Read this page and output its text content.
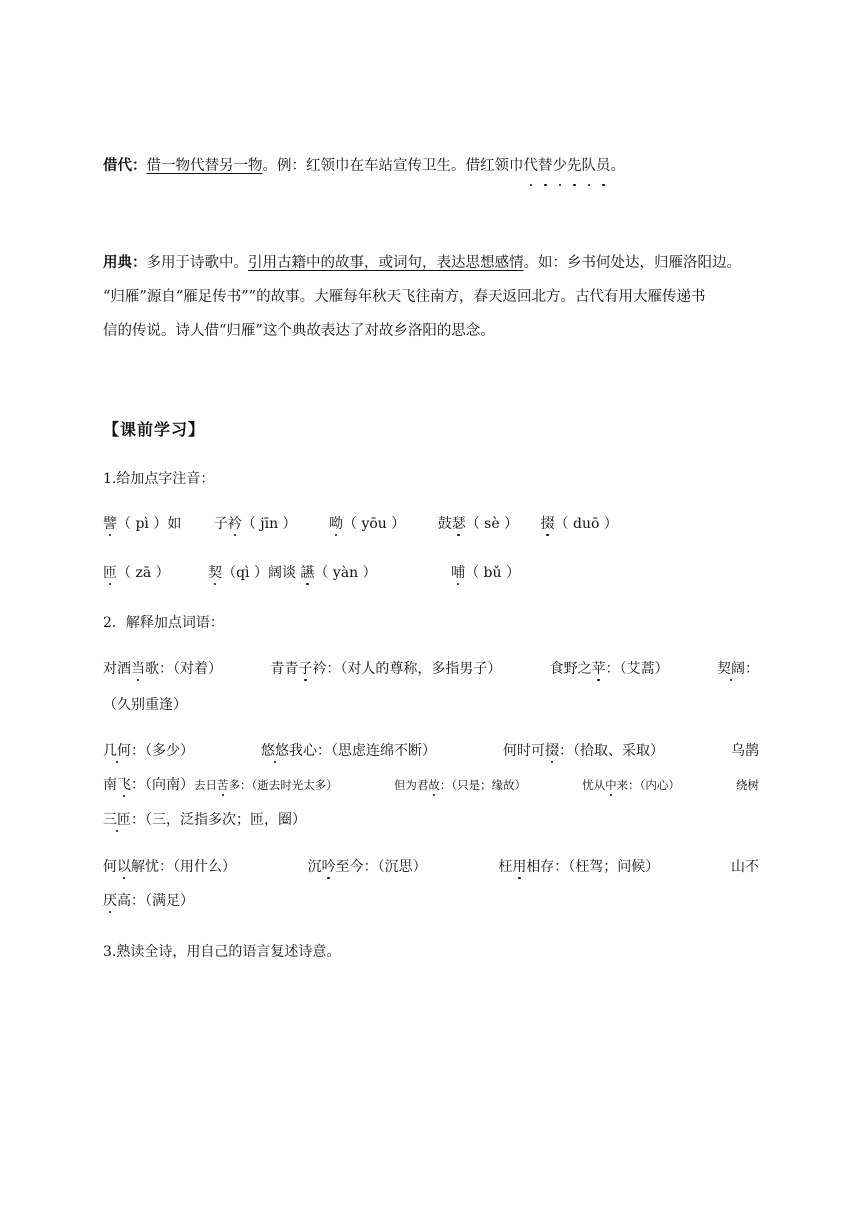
借代：借一物代替另一物。例：红领巾在车站宣传卫生。借红领巾代替少先队员。
用典：多用于诗歌中。引用古籍中的故事，或词句，表达思想感情。如：乡书何处达，归雁洛阳边。
“归雁”源自“雁足传书””的故事。大雁每年秋天飞往南方，春天返回北方。古代有用大雁传递书
信的传说。诗人借“归雁”这个典故表达了对故乡洛阳的思念。
【课前学习】
1.给加点字注音：
譬（ pì ）如 子衿（ jīn ） 呦（ yōu ） 鼓瑟（ sè ） 掇（ duō ）
匝（ zā ）	契（qì ）阔谈 讌（ yàn ）	哺（ bǔ ）
2．解释加点词语：
对酒当歌：（对着）	青青子衿：（对人的尊称，多指男子）	食野之苹：（艾蒿）	契阔：
（久别重逢）
几何：（多少）	悠悠我心：（思虑连绵不断）	何时可掇：（拾取、采取）	乌鹊
南飞：（向南）去日苦多：（逝去时光太多）	但为君故：（只是；缘故）	忧从中来：（内心）	绕树
三匝：（三，泛指多次；匝，圈）
何以解忧：（用什么）	沉吟至今：（沉思）	枉用相存：（枉驾；问候）	山不
厌高：（满足）
3.熟读全诗，用自己的语言复述诗意。
